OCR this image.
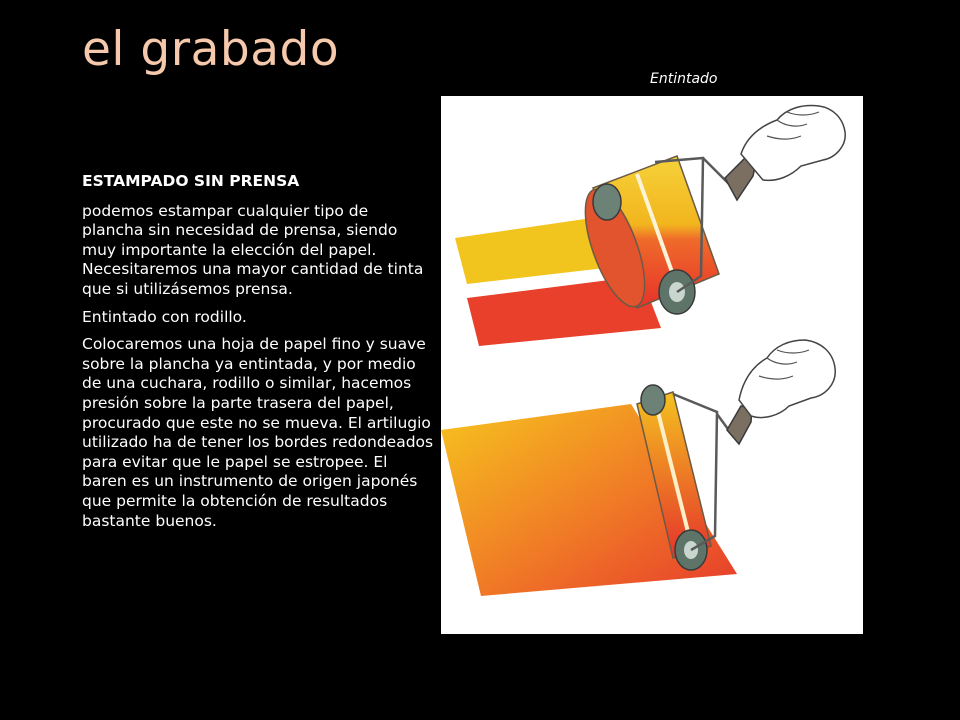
el grabado
Entintado

ESTAMPADO SIN PRENSA

podemos estampar cualquier tipo de plancha sin necesidad de prensa, siendo muy importante la elección del papel. Necesitaremos una mayor cantidad de tinta que si utilizásemos prensa.

Entintado con rodillo.

Colocaremos una hoja de papel fino y suave sobre la plancha ya entintada, y por medio de una cuchara, rodillo o similar, hacemos presión sobre la parte trasera del papel, procurado que este no se mueva. El artilugio utilizado ha de tener los bordes redondeados para evitar que le papel se estropee. El baren es un instrumento de origen japonés que permite la obtención de resultados bastante buenos.
